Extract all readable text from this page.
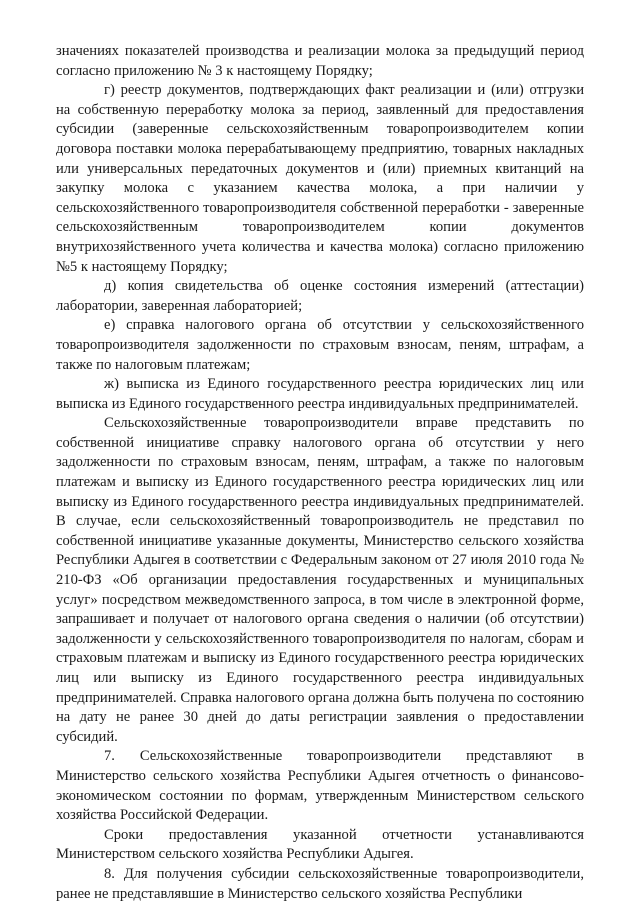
значениях показателей производства и реализации молока за предыдущий период согласно приложению № 3 к настоящему Порядку;

г) реестр документов, подтверждающих факт реализации и (или) отгрузки на собственную переработку молока за период, заявленный для предоставления субсидии (заверенные сельскохозяйственным товаропроизводителем копии договора поставки молока перерабатывающему предприятию, товарных накладных или универсальных передаточных документов и (или) приемных квитанций на закупку молока с указанием качества молока, а при наличии у сельскохозяйственного товаропроизводителя собственной переработки - заверенные сельскохозяйственным товаропроизводителем копии документов внутрихозяйственного учета количества и качества молока) согласно приложению №5 к настоящему Порядку;

д) копия свидетельства об оценке состояния измерений (аттестации) лаборатории, заверенная лабораторией;

е) справка налогового органа об отсутствии у сельскохозяйственного товаропроизводителя задолженности по страховым взносам, пеням, штрафам, а также по налоговым платежам;

ж) выписка из Единого государственного реестра юридических лиц или выписка из Единого государственного реестра индивидуальных предпринимателей.

Сельскохозяйственные товаропроизводители вправе представить по собственной инициативе справку налогового органа об отсутствии у него задолженности по страховым взносам, пеням, штрафам, а также по налоговым платежам и выписку из Единого государственного реестра юридических лиц или выписку из Единого государственного реестра индивидуальных предпринимателей. В случае, если сельскохозяйственный товаропроизводитель не представил по собственной инициативе указанные документы, Министерство сельского хозяйства Республики Адыгея в соответствии с Федеральным законом от 27 июля 2010 года № 210-ФЗ «Об организации предоставления государственных и муниципальных услуг» посредством межведомственного запроса, в том числе в электронной форме, запрашивает и получает от налогового органа сведения о наличии (об отсутствии) задолженности у сельскохозяйственного товаропроизводителя по налогам, сборам и страховым платежам и выписку из Единого государственного реестра юридических лиц или выписку из Единого государственного реестра индивидуальных предпринимателей. Справка налогового органа должна быть получена по состоянию на дату не ранее 30 дней до даты регистрации заявления о предоставлении субсидий.

7. Сельскохозяйственные товаропроизводители представляют в Министерство сельского хозяйства Республики Адыгея отчетность о финансово-экономическом состоянии по формам, утвержденным Министерством сельского хозяйства Российской Федерации.

Сроки предоставления указанной отчетности устанавливаются Министерством сельского хозяйства Республики Адыгея.

8. Для получения субсидии сельскохозяйственные товаропроизводители, ранее не представлявшие в Министерство сельского хозяйства Республики
